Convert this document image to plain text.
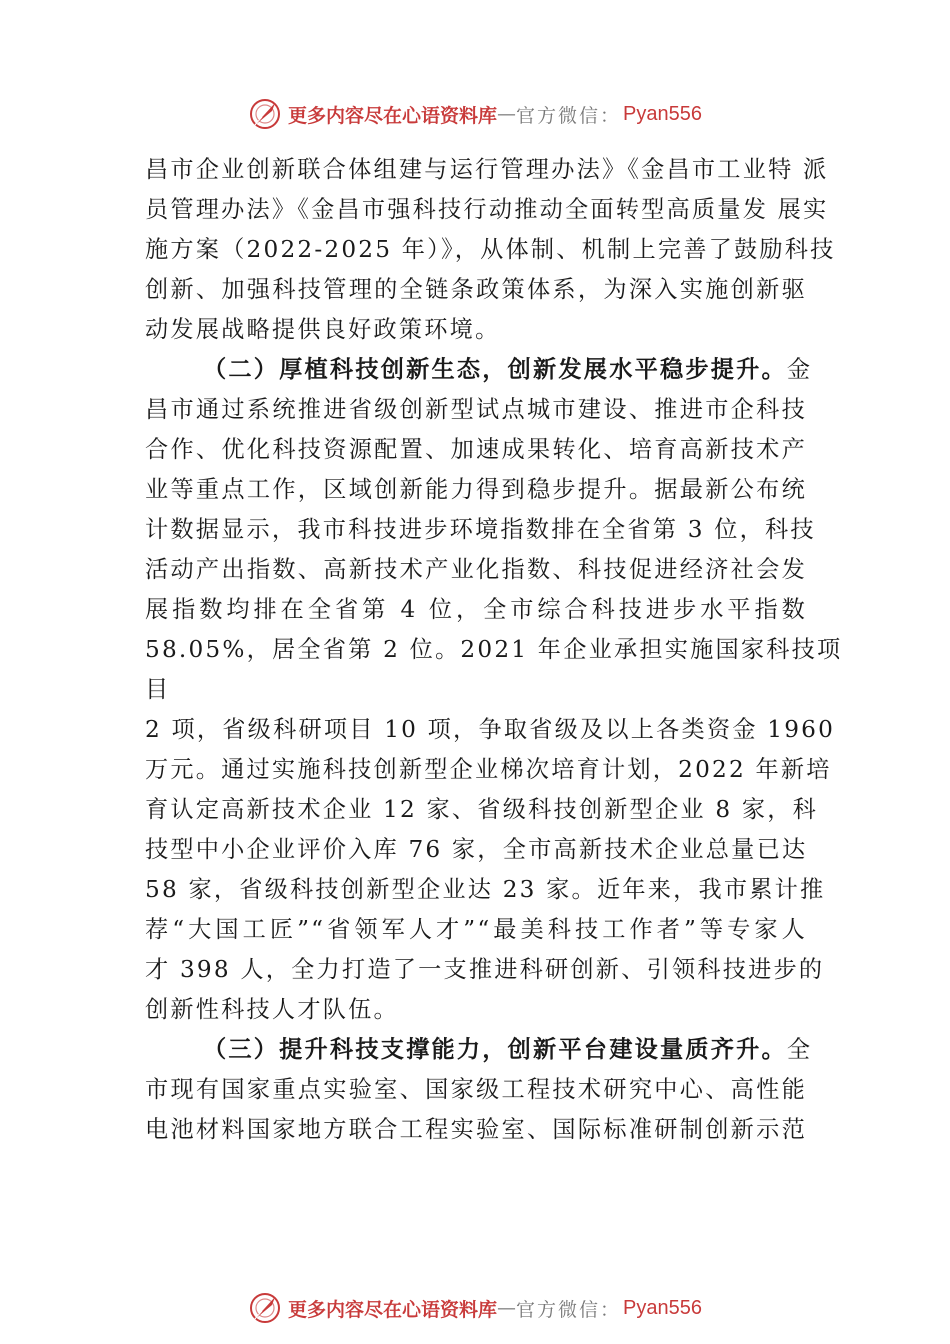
更多内容尽在心语资料库 — 官方微信： Pyan556

昌市企业创新联合体组建与运行管理办法》《金昌市工业特 派
员管理办法》《金昌市强科技行动推动全面转型高质量发 展实
施方案（2022-2025 年）》，从体制、机制上完善了鼓励科技
创新、加强科技管理的全链条政策体系，为深入实施创新驱
动发展战略提供良好政策环境。

（二）厚植科技创新生态，创新发展水平稳步提升。金
昌市通过系统推进省级创新型试点城市建设、推进市企科技
合作、优化科技资源配置、加速成果转化、培育高新技术产
业等重点工作，区域创新能力得到稳步提升。据最新公布统
计数据显示，我市科技进步环境指数排在全省第 3 位，科技
活动产出指数、高新技术产业化指数、科技促进经济社会发
展指数均排在全省第 4 位，全市综合科技进步水平指数
58.05%，居全省第 2 位。2021 年企业承担实施国家科技项
目
2 项，省级科研项目 10 项，争取省级及以上各类资金 1960
万元。通过实施科技创新型企业梯次培育计划，2022 年新培
育认定高新技术企业 12 家、省级科技创新型企业 8 家，科
技型中小企业评价入库 76 家，全市高新技术企业总量已达
58 家，省级科技创新型企业达 23 家。近年来，我市累计推
荐“大国工匠”“省领军人才”“最美科技工作者”等专家人
才 398 人，全力打造了一支推进科研创新、引领科技进步的
创新性科技人才队伍。

（三）提升科技支撑能力，创新平台建设量质齐升。全
市现有国家重点实验室、国家级工程技术研究中心、高性能
电池材料国家地方联合工程实验室、国际标准研制创新示范

更多内容尽在心语资料库 — 官方微信： Pyan556
